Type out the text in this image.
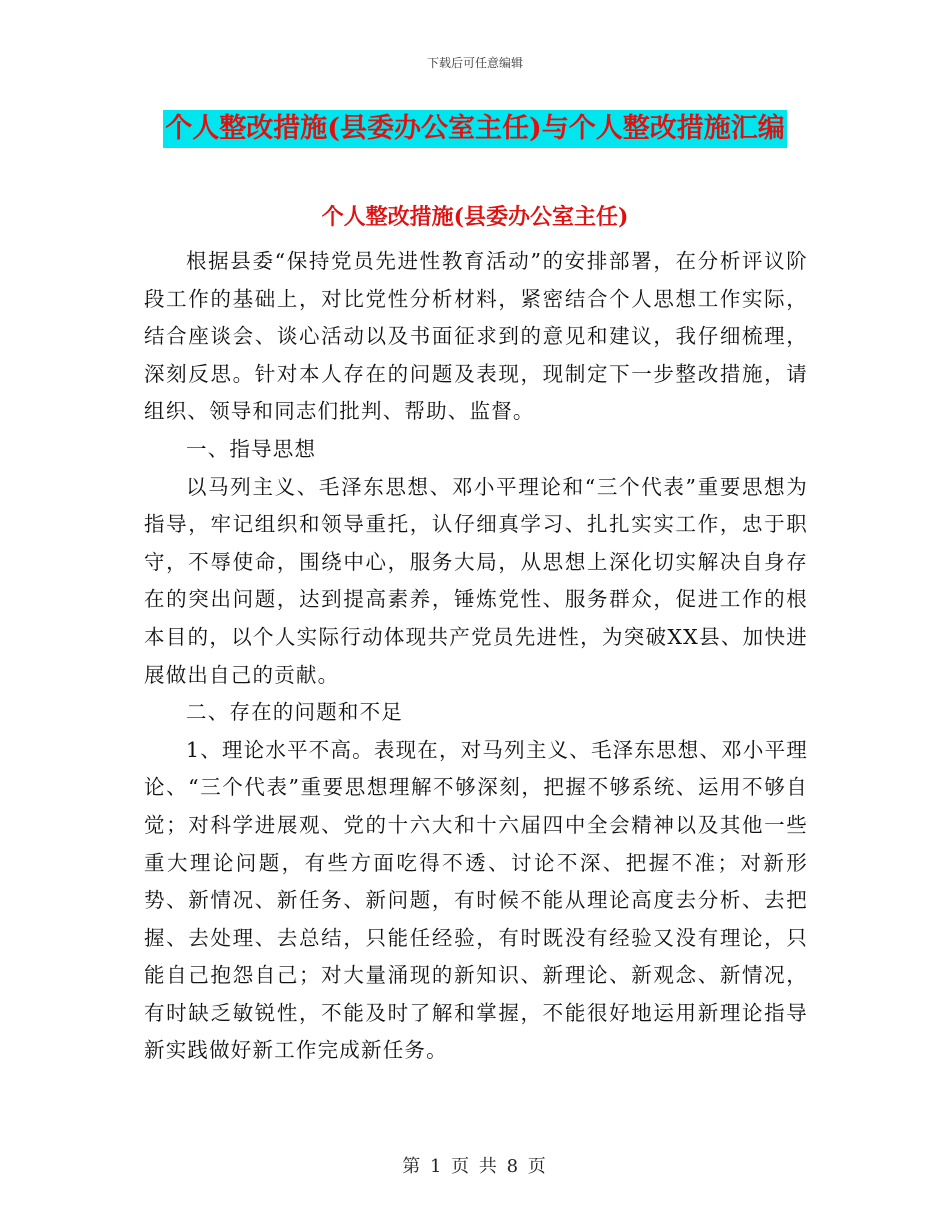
下载后可任意编辑
个人整改措施(县委办公室主任)与个人整改措施汇编
个人整改措施(县委办公室主任)

根据县委“保持党员先进性教育活动”的安排部署，在分析评议阶段工作的基础上，对比党性分析材料，紧密结合个人思想工作实际，结合座谈会、谈心活动以及书面征求到的意见和建议，我仔细梳理，深刻反思。针对本人存在的问题及表现，现制定下一步整改措施，请组织、领导和同志们批判、帮助、监督。

一、指导思想

以马列主义、毛泽东思想、邓小平理论和“三个代表”重要思想为指导，牢记组织和领导重托，认仔细真学习、扎扎实实工作，忠于职守，不辱使命，围绕中心，服务大局，从思想上深化切实解决自身存在的突出问题，达到提高素养，锤炼党性、服务群众，促进工作的根本目的，以个人实际行动体现共产党员先进性，为突破XX县、加快进展做出自己的贡献。

二、存在的问题和不足

1、理论水平不高。表现在，对马列主义、毛泽东思想、邓小平理论、“三个代表”重要思想理解不够深刻，把握不够系统、运用不够自觉；对科学进展观、党的十六大和十六届四中全会精神以及其他一些重大理论问题，有些方面吃得不透、讨论不深、把握不准；对新形势、新情况、新任务、新问题，有时候不能从理论高度去分析、去把握、去处理、去总结，只能任经验，有时既没有经验又没有理论，只能自己抱怨自己；对大量涌现的新知识、新理论、新观念、新情况，有时缺乏敏锐性，不能及时了解和掌握，不能很好地运用新理论指导新实践做好新工作完成新任务。

第 1 页 共 8 页
